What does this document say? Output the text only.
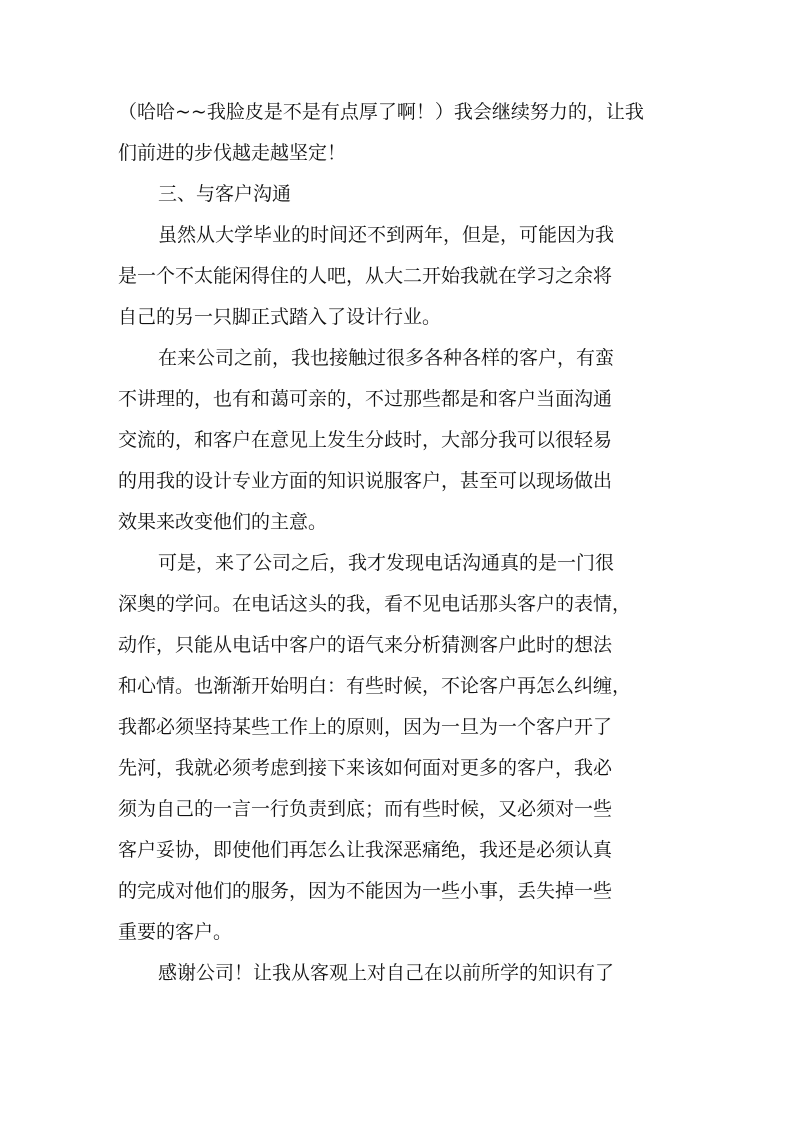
（哈哈~~我脸皮是不是有点厚了啊！）我会继续努力的，让我
们前进的步伐越走越坚定！
三、与客户沟通
虽然从大学毕业的时间还不到两年，但是，可能因为我
是一个不太能闲得住的人吧，从大二开始我就在学习之余将
自己的另一只脚正式踏入了设计行业。
在来公司之前，我也接触过很多各种各样的客户，有蛮
不讲理的，也有和蔼可亲的，不过那些都是和客户当面沟通
交流的，和客户在意见上发生分歧时，大部分我可以很轻易
的用我的设计专业方面的知识说服客户，甚至可以现场做出
效果来改变他们的主意。
可是，来了公司之后，我才发现电话沟通真的是一门很
深奥的学问。在电话这头的我，看不见电话那头客户的表情，
动作，只能从电话中客户的语气来分析猜测客户此时的想法
和心情。也渐渐开始明白：有些时候，不论客户再怎么纠缠，
我都必须坚持某些工作上的原则，因为一旦为一个客户开了
先河，我就必须考虑到接下来该如何面对更多的客户，我必
须为自己的一言一行负责到底；而有些时候，又必须对一些
客户妥协，即使他们再怎么让我深恶痛绝，我还是必须认真
的完成对他们的服务，因为不能因为一些小事，丢失掉一些
重要的客户。
感谢公司！让我从客观上对自己在以前所学的知识有了
